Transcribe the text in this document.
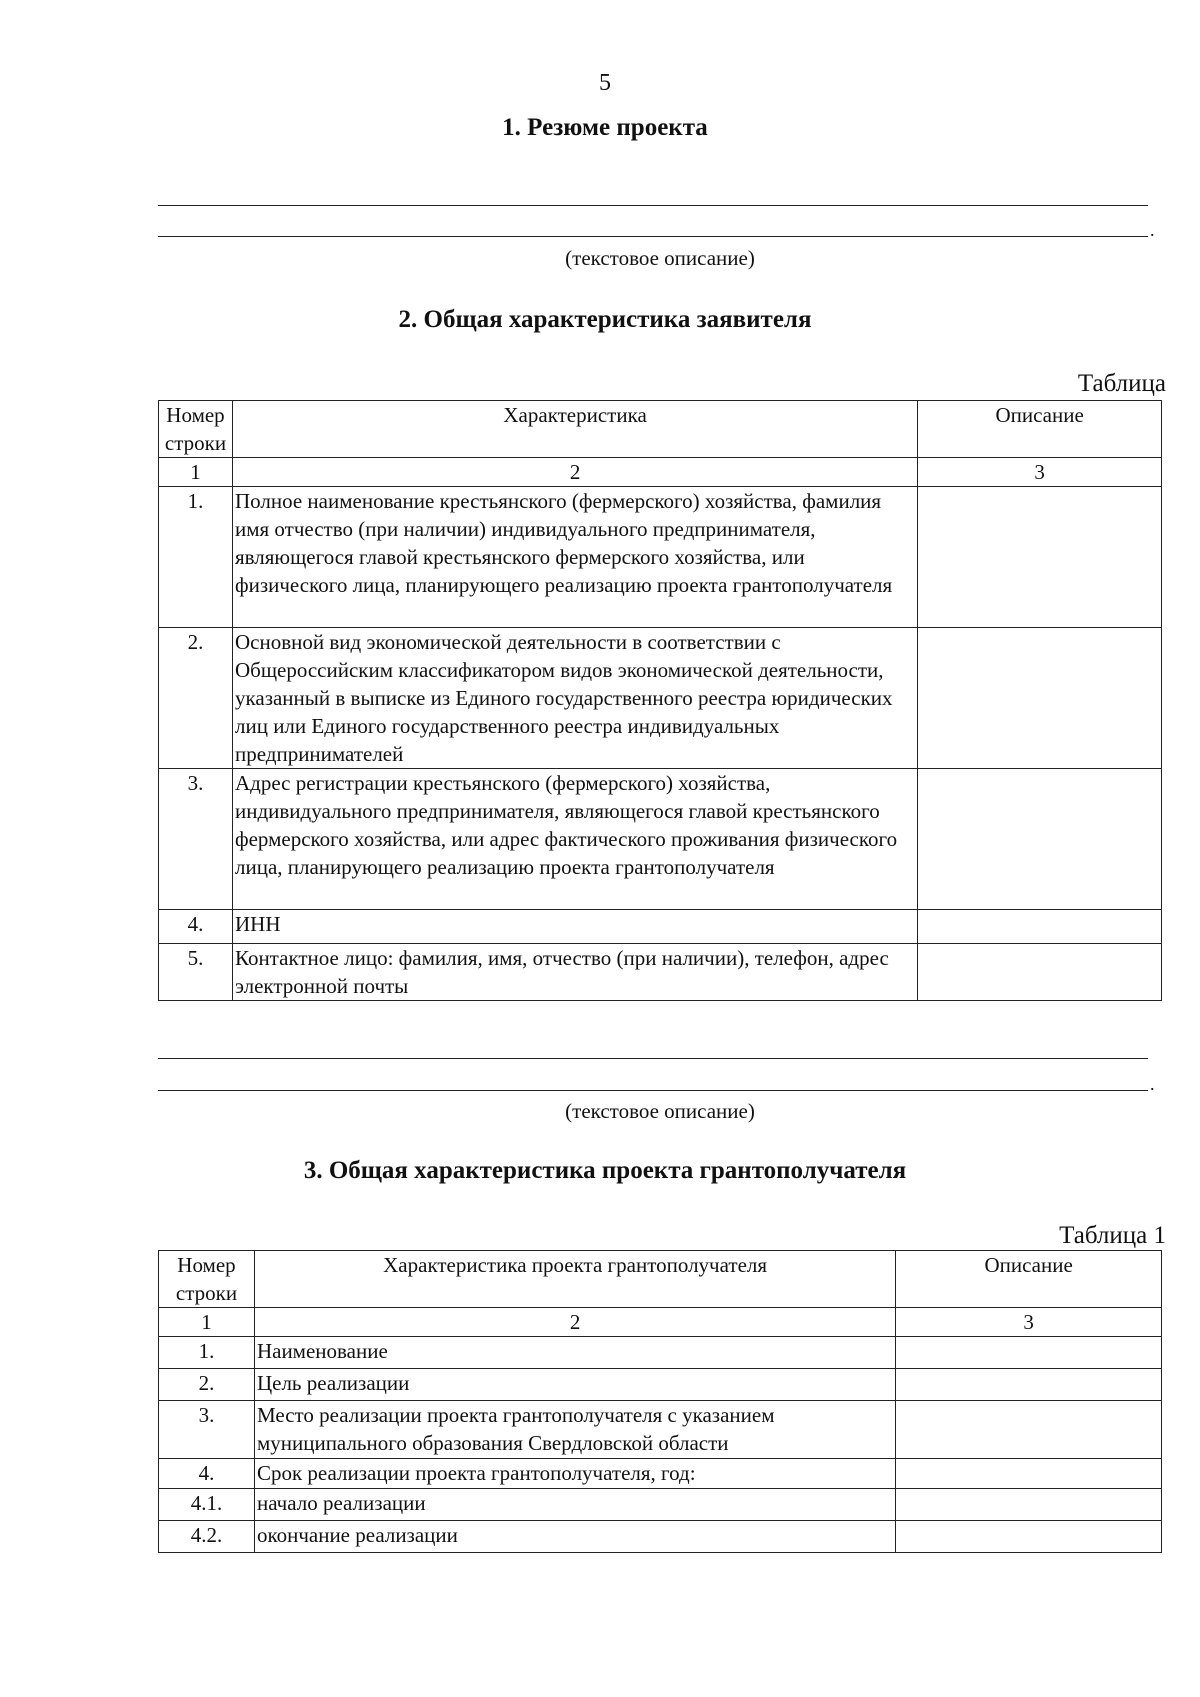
5
1. Резюме проекта
.
(текстовое описание)
2. Общая характеристика заявителя
Таблица
Номер строки	Характеристика	Описание
1	2	3
1.	Полное наименование крестьянского (фермерского) хозяйства, фамилия имя отчество (при наличии) индивидуального предпринимателя, являющегося главой крестьянского фермерского хозяйства, или физического лица, планирующего реализацию проекта грантополучателя	
2.	Основной вид экономической деятельности в соответствии с Общероссийским классификатором видов экономической деятельности, указанный в выписке из Единого государственного реестра юридических лиц или Единого государственного реестра индивидуальных предпринимателей	
3.	Адрес регистрации крестьянского (фермерского) хозяйства, индивидуального предпринимателя, являющегося главой крестьянского фермерского хозяйства, или адрес фактического проживания физического лица, планирующего реализацию проекта грантополучателя	
4.	ИНН	
5.	Контактное лицо: фамилия, имя, отчество (при наличии), телефон, адрес электронной почты	
.
(текстовое описание)
3. Общая характеристика проекта грантополучателя
Таблица 1
Номер строки	Характеристика проекта грантополучателя	Описание
1	2	3
1.	Наименование	
2.	Цель реализации	
3.	Место реализации проекта грантополучателя с указанием муниципального образования Свердловской области	
4.	Срок реализации проекта грантополучателя, год:	
4.1.	начало реализации	
4.2.	окончание реализации	
